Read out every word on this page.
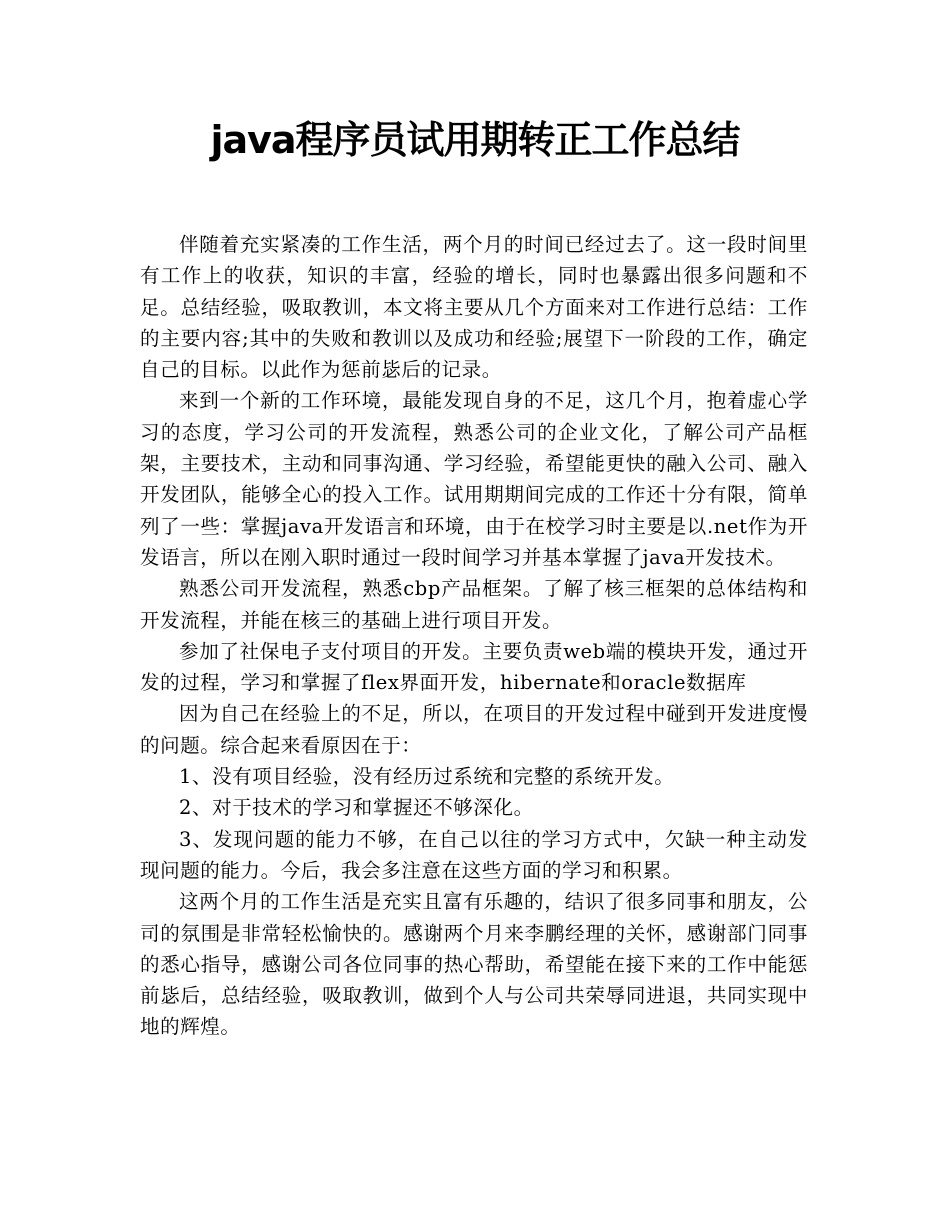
java程序员试用期转正工作总结

伴随着充实紧凑的工作生活，两个月的时间已经过去了。这一段时间里有工作上的收获，知识的丰富，经验的增长，同时也暴露出很多问题和不足。总结经验，吸取教训，本文将主要从几个方面来对工作进行总结：工作的主要内容;其中的失败和教训以及成功和经验;展望下一阶段的工作，确定自己的目标。以此作为惩前毖后的记录。

来到一个新的工作环境，最能发现自身的不足，这几个月，抱着虚心学习的态度，学习公司的开发流程，熟悉公司的企业文化，了解公司产品框架，主要技术，主动和同事沟通、学习经验，希望能更快的融入公司、融入开发团队，能够全心的投入工作。试用期期间完成的工作还十分有限，简单列了一些：掌握java开发语言和环境，由于在校学习时主要是以.net作为开发语言，所以在刚入职时通过一段时间学习并基本掌握了java开发技术。

熟悉公司开发流程，熟悉cbp产品框架。了解了核三框架的总体结构和开发流程，并能在核三的基础上进行项目开发。

参加了社保电子支付项目的开发。主要负责web端的模块开发，通过开发的过程，学习和掌握了flex界面开发，hibernate和oracle数据库

因为自己在经验上的不足，所以，在项目的开发过程中碰到开发进度慢的问题。综合起来看原因在于：

1、没有项目经验，没有经历过系统和完整的系统开发。

2、对于技术的学习和掌握还不够深化。

3、发现问题的能力不够，在自己以往的学习方式中，欠缺一种主动发现问题的能力。今后，我会多注意在这些方面的学习和积累。

这两个月的工作生活是充实且富有乐趣的，结识了很多同事和朋友，公司的氛围是非常轻松愉快的。感谢两个月来李鹏经理的关怀，感谢部门同事的悉心指导，感谢公司各位同事的热心帮助，希望能在接下来的工作中能惩前毖后，总结经验，吸取教训，做到个人与公司共荣辱同进退，共同实现中地的辉煌。
